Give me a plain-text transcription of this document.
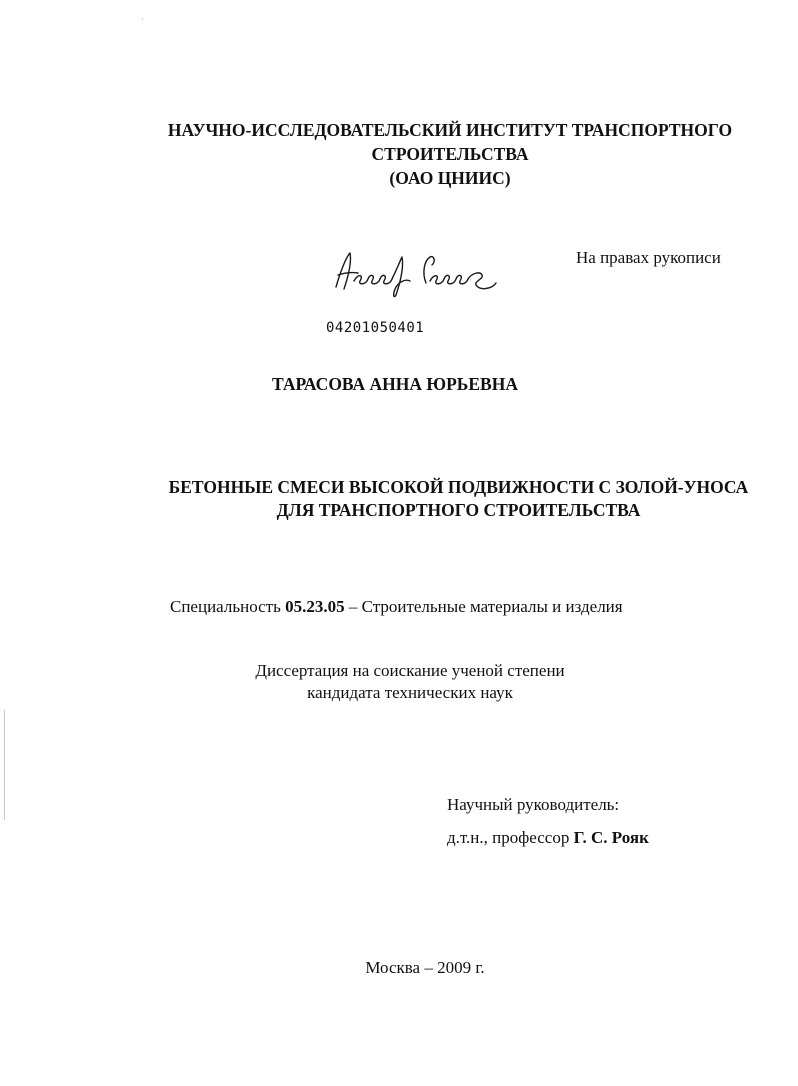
`
НАУЧНО-ИССЛЕДОВАТЕЛЬСКИЙ ИНСТИТУТ ТРАНСПОРТНОГО
СТРОИТЕЛЬСТВА
(ОАО ЦНИИС)
На правах рукописи
04201050401
ТАРАСОВА АННА ЮРЬЕВНА
БЕТОННЫЕ СМЕСИ ВЫСОКОЙ ПОДВИЖНОСТИ С ЗОЛОЙ-УНОСА
ДЛЯ ТРАНСПОРТНОГО СТРОИТЕЛЬСТВА
Специальность 05.23.05 – Строительные материалы и изделия
Диссертация на соискание ученой степени
кандидата технических наук
Научный руководитель:
д.т.н., профессор Г. С. Рояк
Москва – 2009 г.
